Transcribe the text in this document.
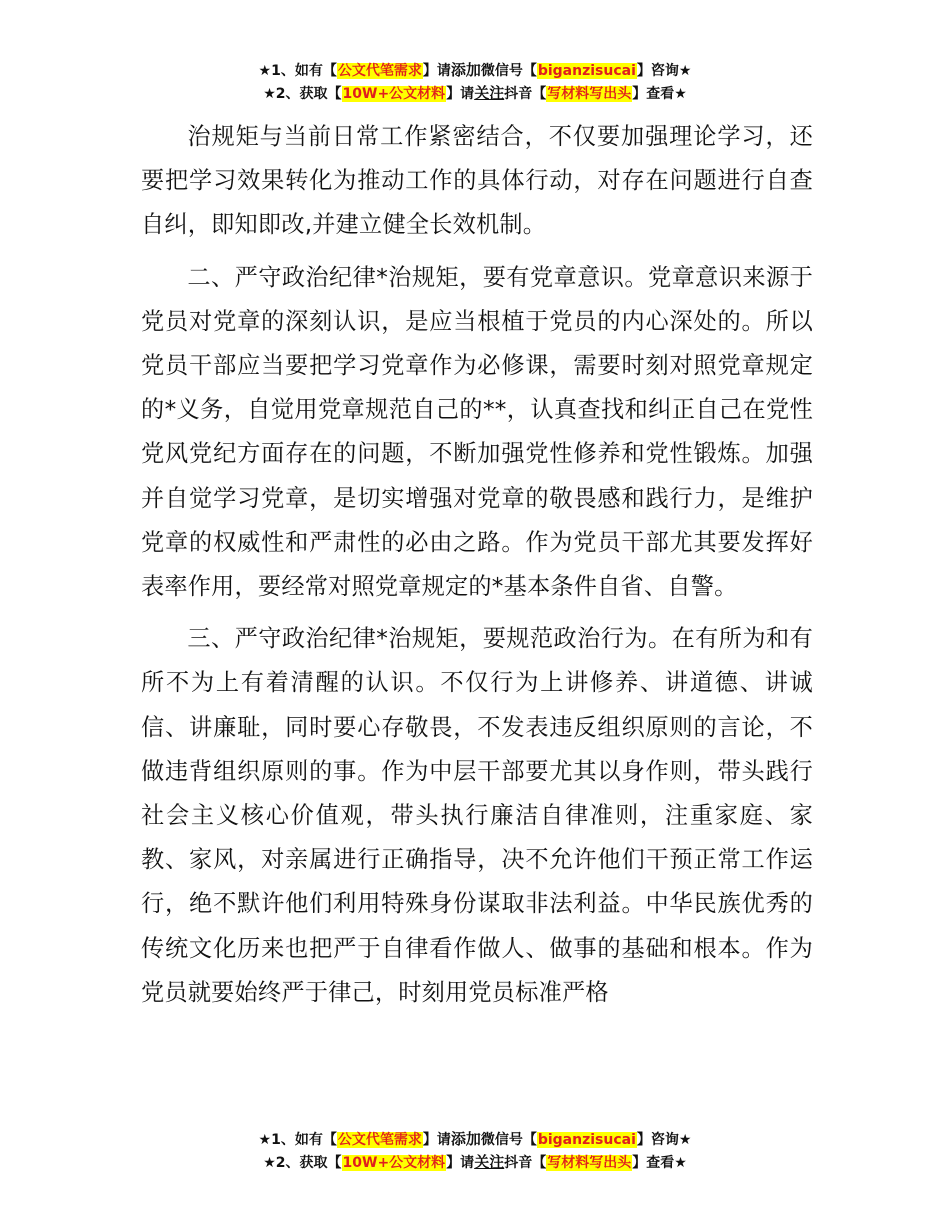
★1、如有【公文代笔需求】请添加微信号【biganzisucai】咨询★
★2、获取【10W+公文材料】请关注抖音【写材料写出头】查看★

治规矩与当前日常工作紧密结合，不仅要加强理论学习，还要把学习效果转化为推动工作的具体行动，对存在问题进行自查自纠，即知即改,并建立健全长效机制。

二、严守政治纪律*治规矩，要有党章意识。党章意识来源于党员对党章的深刻认识，是应当根植于党员的内心深处的。所以党员干部应当要把学习党章作为必修课，需要时刻对照党章规定的*义务，自觉用党章规范自己的**，认真查找和纠正自己在党性党风党纪方面存在的问题，不断加强党性修养和党性锻炼。加强并自觉学习党章，是切实增强对党章的敬畏感和践行力，是维护党章的权威性和严肃性的必由之路。作为党员干部尤其要发挥好表率作用，要经常对照党章规定的*基本条件自省、自警。

三、严守政治纪律*治规矩，要规范政治行为。在有所为和有所不为上有着清醒的认识。不仅行为上讲修养、讲道德、讲诚信、讲廉耻，同时要心存敬畏，不发表违反组织原则的言论，不做违背组织原则的事。作为中层干部要尤其以身作则，带头践行社会主义核心价值观，带头执行廉洁自律准则，注重家庭、家教、家风，对亲属进行正确指导，决不允许他们干预正常工作运行，绝不默许他们利用特殊身份谋取非法利益。中华民族优秀的传统文化历来也把严于自律看作做人、做事的基础和根本。作为党员就要始终严于律己，时刻用党员标准严格

★1、如有【公文代笔需求】请添加微信号【biganzisucai】咨询★
★2、获取【10W+公文材料】请关注抖音【写材料写出头】查看★
